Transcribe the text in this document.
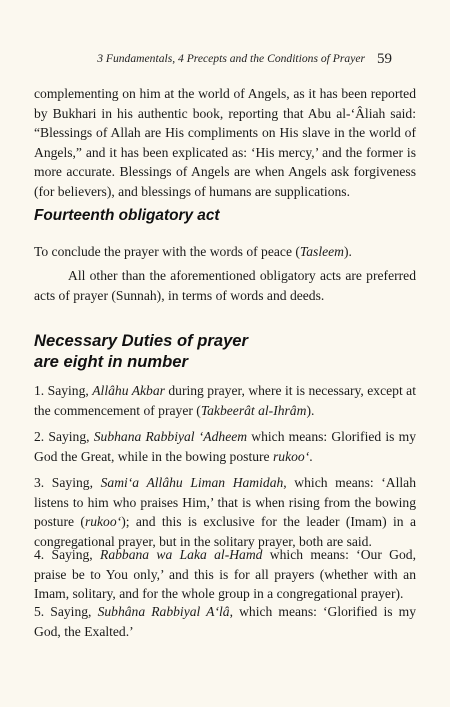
3 Fundamentals, 4 Precepts and the Conditions of Prayer 59

complementing on him at the world of Angels, as it has been reported by Bukhari in his authentic book, reporting that Abu al-‘Âliah said: “Blessings of Allah are His compliments on His slave in the world of Angels,” and it has been explicated as: ‘His mercy,’ and the former is more accurate. Blessings of Angels are when Angels ask forgiveness (for believers), and blessings of humans are supplications.

Fourteenth obligatory act

To conclude the prayer with the words of peace (Tasleem).

All other than the aforementioned obligatory acts are preferred acts of prayer (Sunnah), in terms of words and deeds.

Necessary Duties of prayer
are eight in number

1. Saying, Allâhu Akbar during prayer, where it is necessary, except at the commencement of prayer (Takbeerât al-Ihrâm).

2. Saying, Subhana Rabbiyal ‘Adheem which means: Glorified is my God the Great, while in the bowing posture rukoo‘.

3. Saying, Sami‘a Allâhu Liman Hamidah, which means: ‘Allah listens to him who praises Him,’ that is when rising from the bowing posture (rukoo‘); and this is exclusive for the leader (Imam) in a congregational prayer, but in the solitary prayer, both are said.

4. Saying, Rabbana wa Laka al-Hamd which means: ‘Our God, praise be to You only,’ and this is for all prayers (whether with an Imam, solitary, and for the whole group in a congregational prayer).

5. Saying, Subhâna Rabbiyal A‘lâ, which means: ‘Glorified is my God, the Exalted.’
